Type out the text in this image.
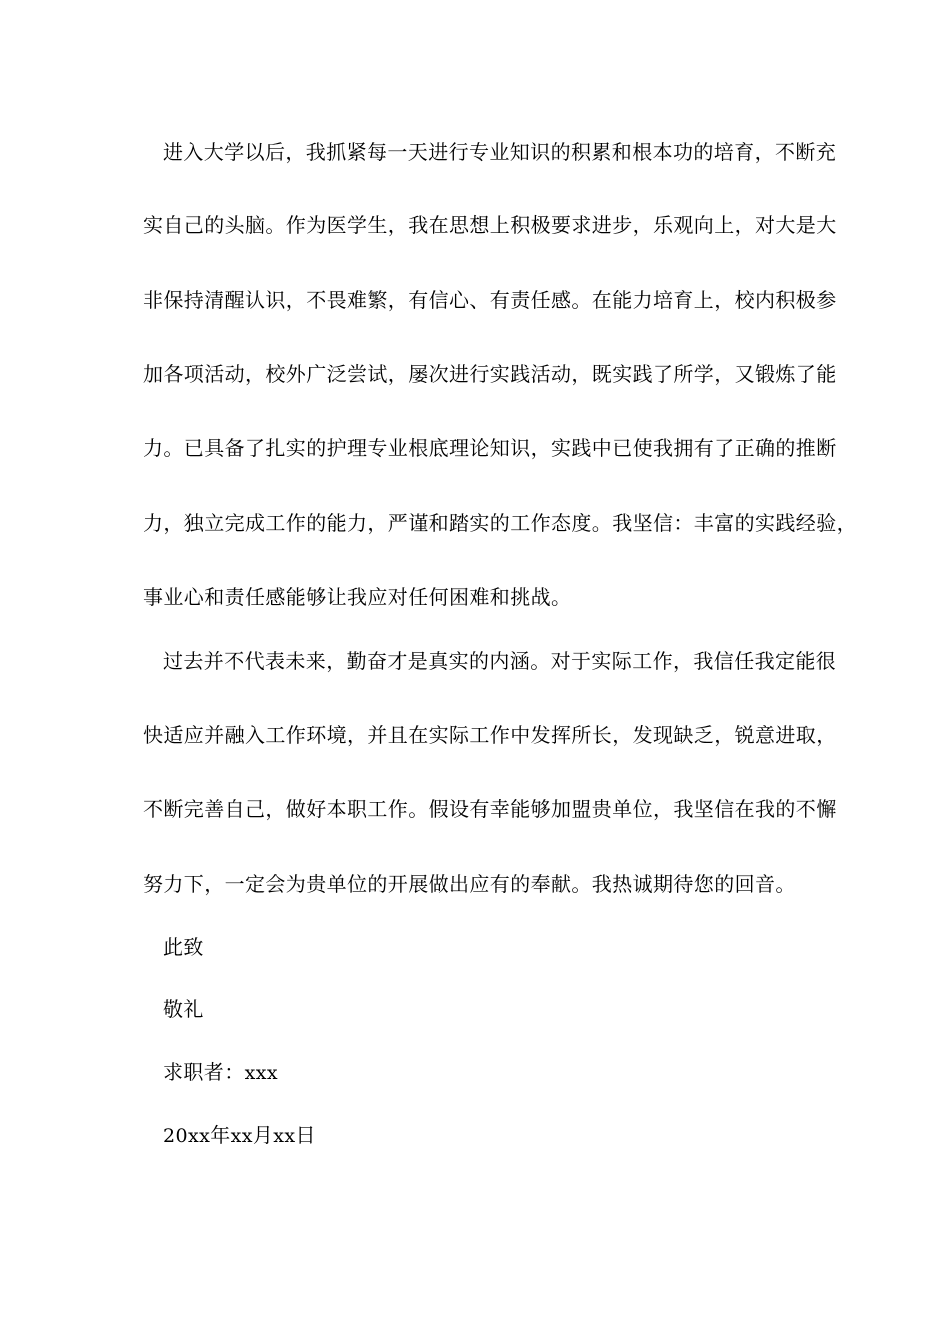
进入大学以后，我抓紧每一天进行专业知识的积累和根本功的培育，不断充
实自己的头脑。作为医学生，我在思想上积极要求进步，乐观向上，对大是大
非保持清醒认识，不畏难繁，有信心、有责任感。在能力培育上，校内积极参
加各项活动，校外广泛尝试，屡次进行实践活动，既实践了所学，又锻炼了能
力。已具备了扎实的护理专业根底理论知识，实践中已使我拥有了正确的推断
力，独立完成工作的能力，严谨和踏实的工作态度。我坚信：丰富的实践经验，
事业心和责任感能够让我应对任何困难和挑战。
过去并不代表未来，勤奋才是真实的内涵。对于实际工作，我信任我定能很
快适应并融入工作环境，并且在实际工作中发挥所长，发现缺乏，锐意进取，
不断完善自己，做好本职工作。假设有幸能够加盟贵单位，我坚信在我的不懈
努力下，一定会为贵单位的开展做出应有的奉献。我热诚期待您的回音。
此致
敬礼
求职者：xxx
20xx年xx月xx日
